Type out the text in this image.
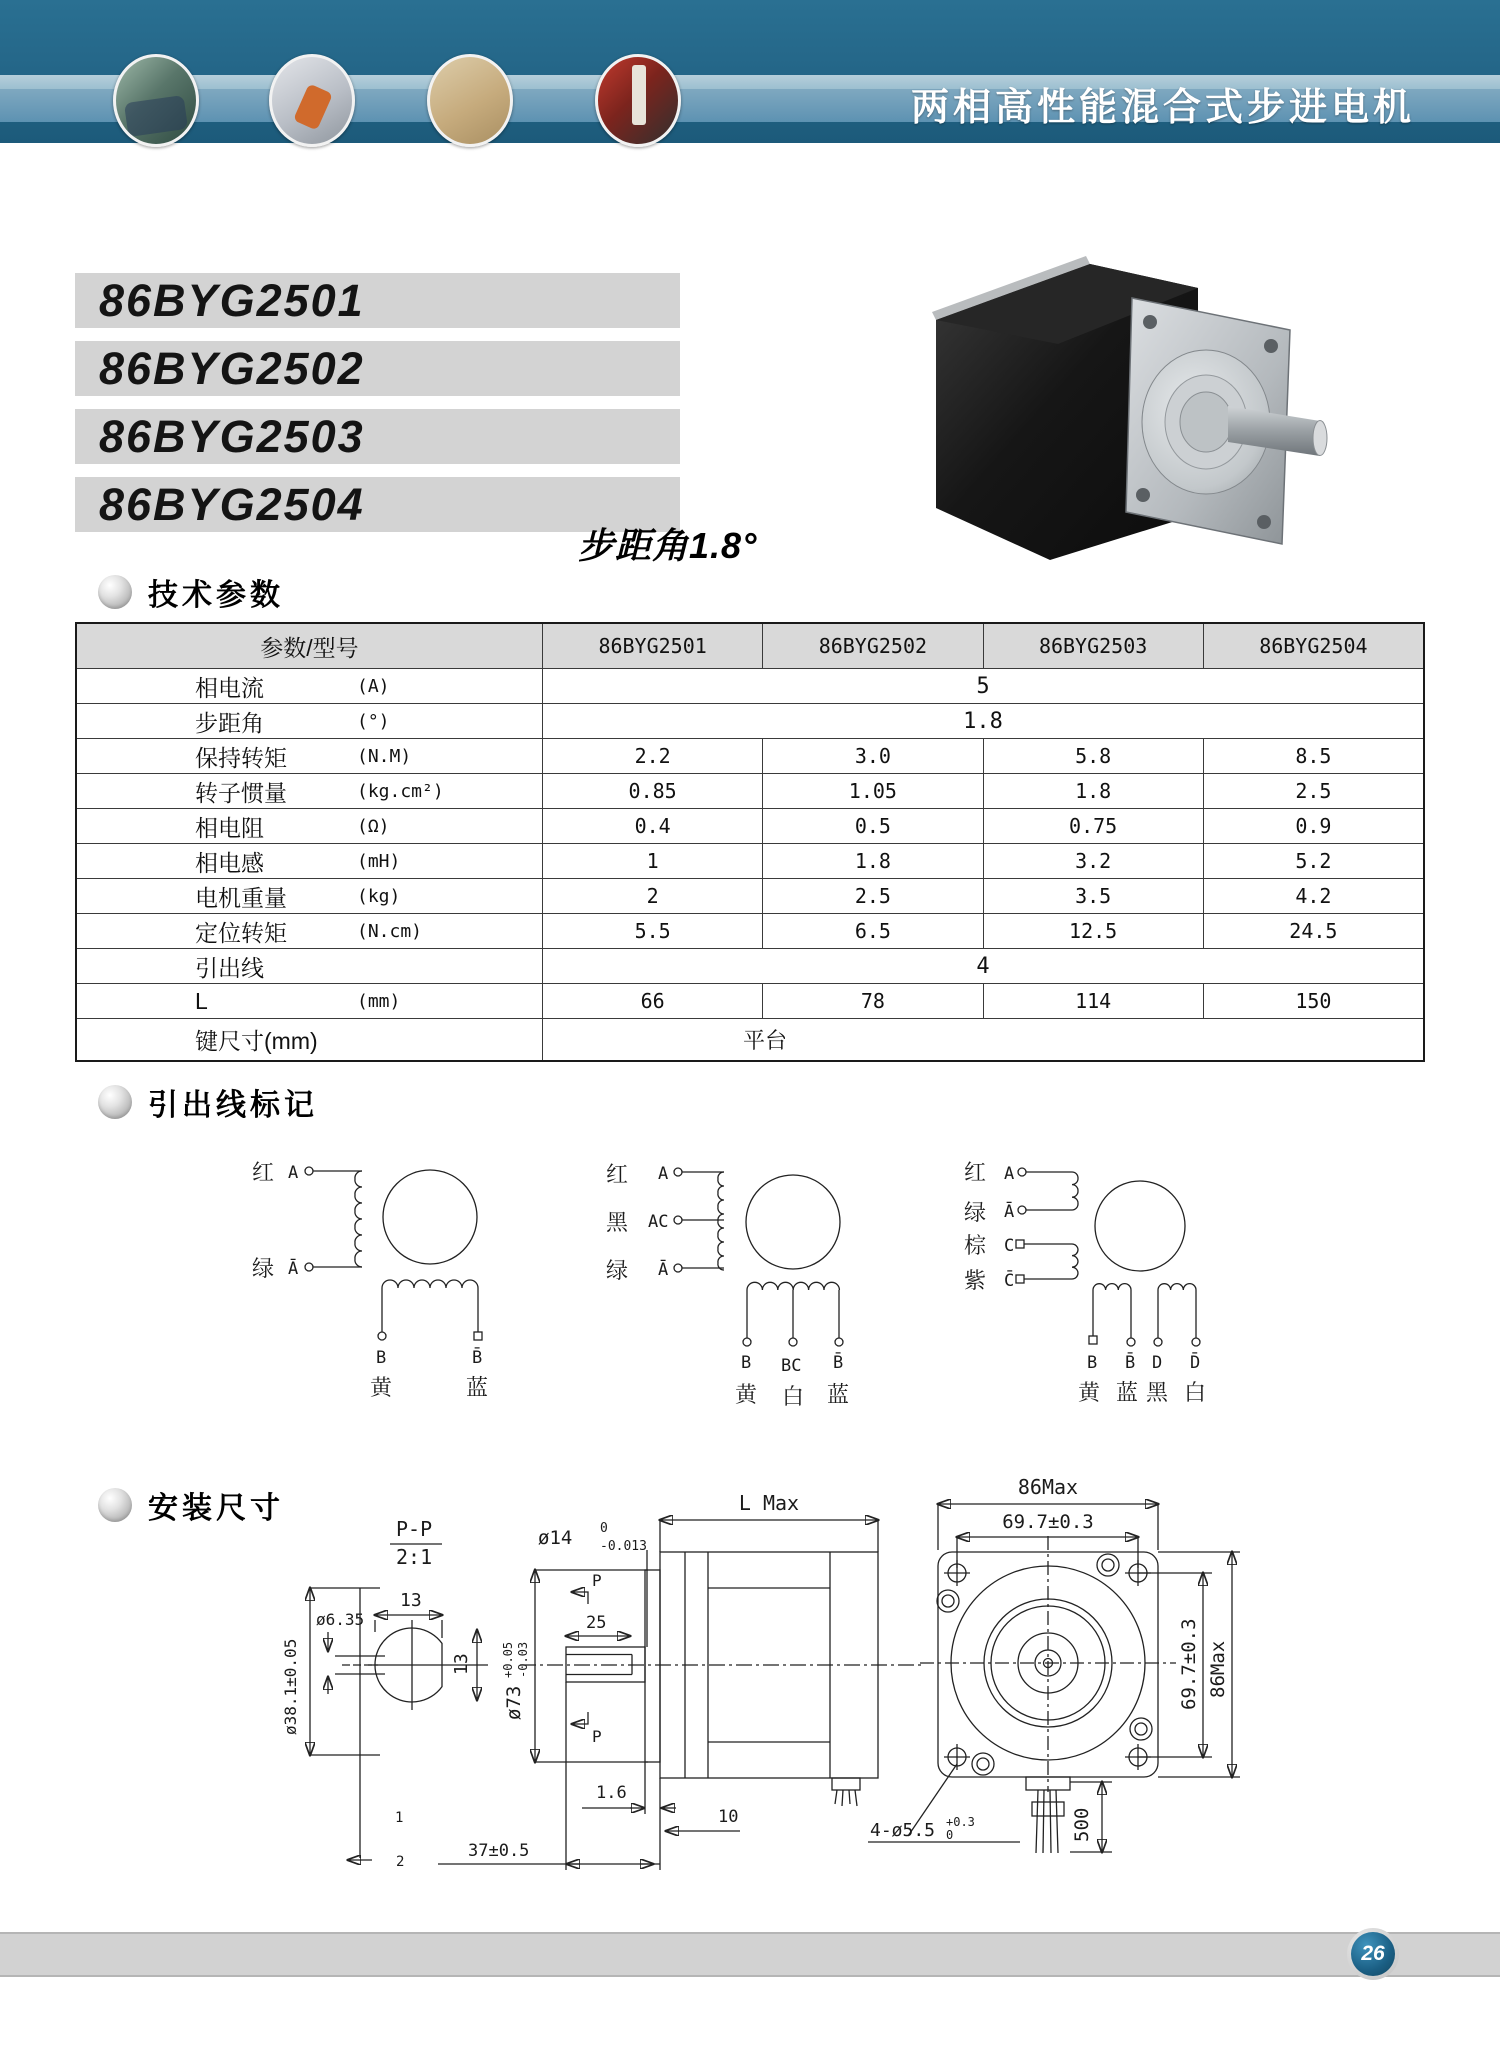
两相高性能混合式步进电机
86BYG2501
86BYG2502
86BYG2503
86BYG2504
步距角1.8°
技术参数
参数/型号	86BYG2501	86BYG2502	86BYG2503	86BYG2504
相电流	(A)	5
步距角	(°)	1.8
保持转矩	(N.M)	2.2	3.0	5.8	8.5
转子惯量	(kg.cm²)	0.85	1.05	1.8	2.5
相电阻	(Ω)	0.4	0.5	0.75	0.9
相电感	(mH)	1	1.8	3.2	5.2
电机重量	(kg)	2	2.5	3.5	4.2
定位转矩	(N.cm)	5.5	6.5	12.5	24.5
引出线	4
L	(mm)	66	78	114	150
键尺寸(mm)	平台
引出线标记
红 A
绿 Ā
B	B̄
黄	蓝
红 A
黑 AC
绿 Ā
B BC B̄
黄 白 蓝
红 A
绿 Ā
棕 C
紫 C̄
B B̄ D D̄
黄 蓝 黑 白
安装尺寸
P-P
2:1
13
13
ø6.35
ø38.1±0.05
1
2
ø14 0
-0.013
L Max
25
P
P
ø73
+0.05 -0.03
1.6
10
37±0.5
86Max
69.7±0.3
69.7±0.3 86Max
500
4-ø5.5 +0.3
0
26
